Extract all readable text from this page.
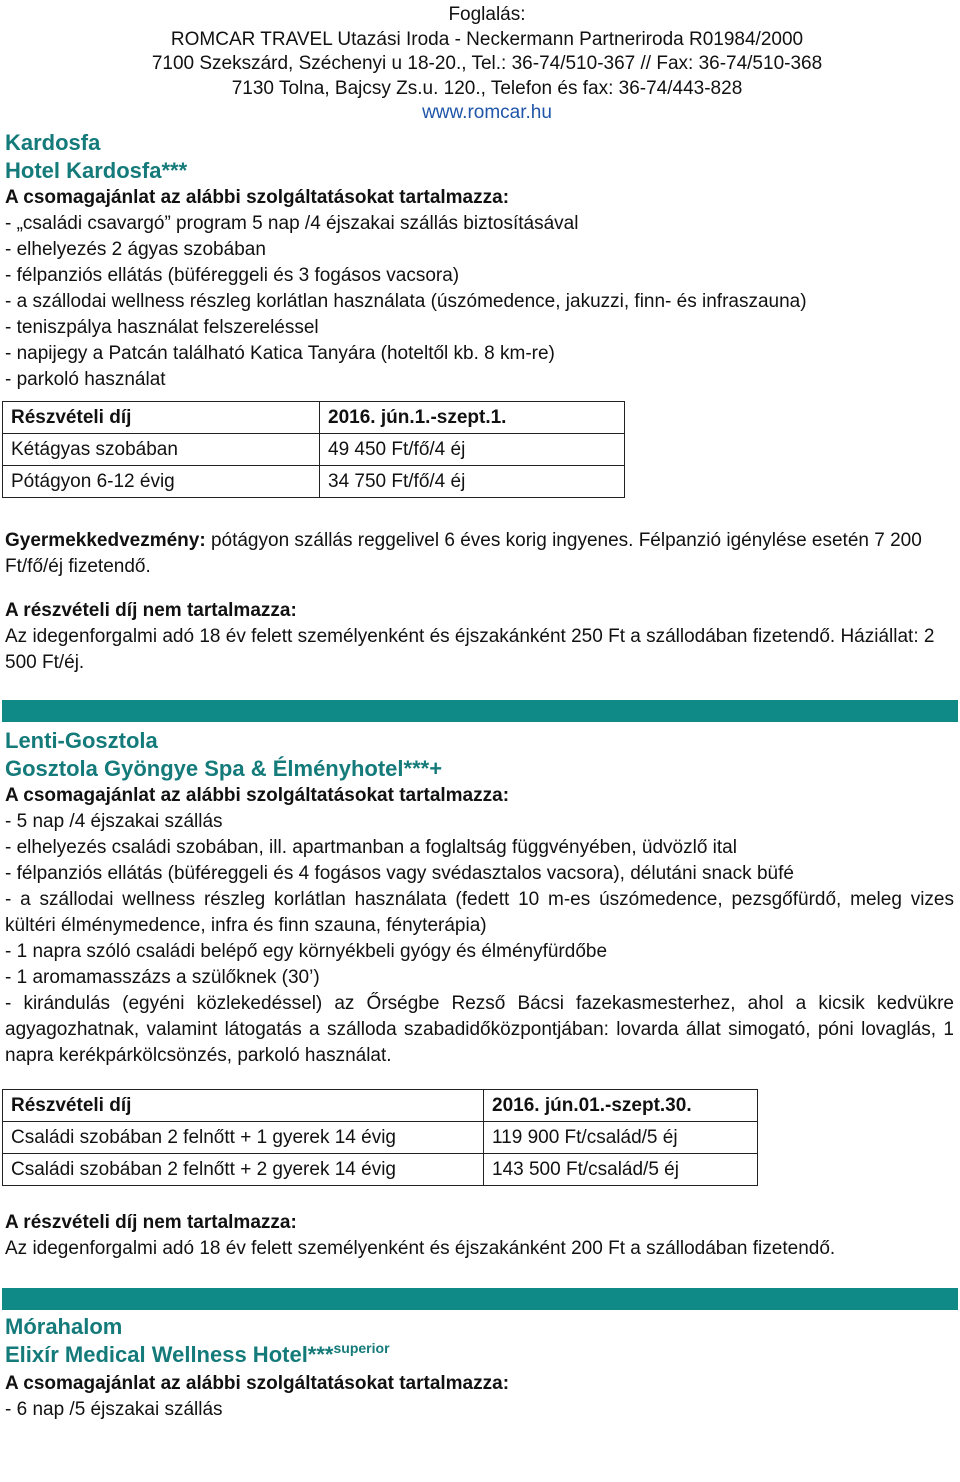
Foglalás:
ROMCAR TRAVEL Utazási Iroda - Neckermann Partneriroda R01984/2000
7100 Szekszárd, Széchenyi u 18-20., Tel.: 36-74/510-367 // Fax: 36-74/510-368
7130 Tolna, Bajcsy Zs.u. 120., Telefon és fax: 36-74/443-828
www.romcar.hu
Kardosfa
Hotel Kardosfa***
A csomagajánlat az alábbi szolgáltatásokat tartalmazza:
- „családi csavargó” program 5 nap /4 éjszakai szállás biztosításával
- elhelyezés 2 ágyas szobában
- félpanziós ellátás (büféreggeli és 3 fogásos vacsora)
- a szállodai wellness részleg korlátlan használata (úszómedence, jakuzzi, finn- és infraszauna)
- teniszpálya használat felszereléssel
- napijegy a Patcán található Katica Tanyára (hoteltől kb. 8 km-re)
- parkoló használat
Részvételi díj	2016. jún.1.-szept.1.
Kétágyas szobában	49 450 Ft/fő/4 éj
Pótágyon 6-12 évig	34 750 Ft/fő/4 éj
Gyermekkedvezmény: pótágyon szállás reggelivel 6 éves korig ingyenes. Félpanzió igénylése esetén 7 200 Ft/fő/éj fizetendő.
A részvételi díj nem tartalmazza:
Az idegenforgalmi adó 18 év felett személyenként és éjszakánként 250 Ft a szállodában fizetendő. Háziállat: 2 500 Ft/éj.
Lenti-Gosztola
Gosztola Gyöngye Spa & Élményhotel***+
A csomagajánlat az alábbi szolgáltatásokat tartalmazza:
- 5 nap /4 éjszakai szállás
- elhelyezés családi szobában, ill. apartmanban a foglaltság függvényében, üdvözlő ital
- félpanziós ellátás (büféreggeli és 4 fogásos vagy svédasztalos vacsora), délutáni snack büfé
- a szállodai wellness részleg korlátlan használata (fedett 10 m-es úszómedence, pezsgőfürdő, meleg vizes kültéri élménymedence, infra és finn szauna, fényterápia)
- 1 napra szóló családi belépő egy környékbeli gyógy és élményfürdőbe
- 1 aromamasszázs a szülőknek (30’)
- kirándulás (egyéni közlekedéssel) az Őrségbe Rezső Bácsi fazekasmesterhez, ahol a kicsik kedvükre agyagozhatnak, valamint látogatás a szálloda szabadidőközpontjában: lovarda állat simogató, póni lovaglás, 1 napra kerékpárkölcsönzés, parkoló használat.
Részvételi díj	2016. jún.01.-szept.30.
Családi szobában 2 felnőtt + 1 gyerek 14 évig	119 900 Ft/család/5 éj
Családi szobában 2 felnőtt + 2 gyerek 14 évig	143 500 Ft/család/5 éj
A részvételi díj nem tartalmazza:
Az idegenforgalmi adó 18 év felett személyenként és éjszakánként 200 Ft a szállodában fizetendő.
Mórahalom
Elixír Medical Wellness Hotel***$^{superior}$
A csomagajánlat az alábbi szolgáltatásokat tartalmazza:
- 6 nap /5 éjszakai szállás
